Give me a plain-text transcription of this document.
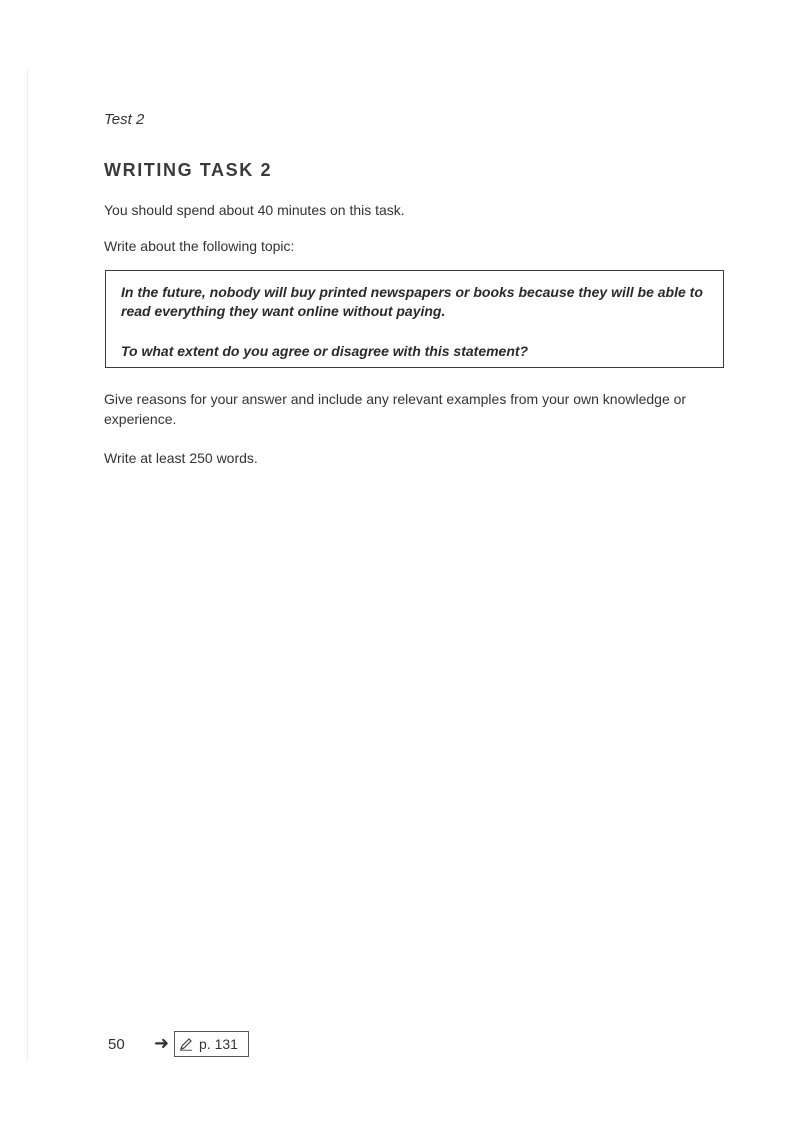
Test 2
WRITING TASK 2
You should spend about 40 minutes on this task.
Write about the following topic:
In the future, nobody will buy printed newspapers or books because they will be able to read everything they want online without paying.
To what extent do you agree or disagree with this statement?
Give reasons for your answer and include any relevant examples from your own knowledge or experience.
Write at least 250 words.
50 ➜ p. 131
